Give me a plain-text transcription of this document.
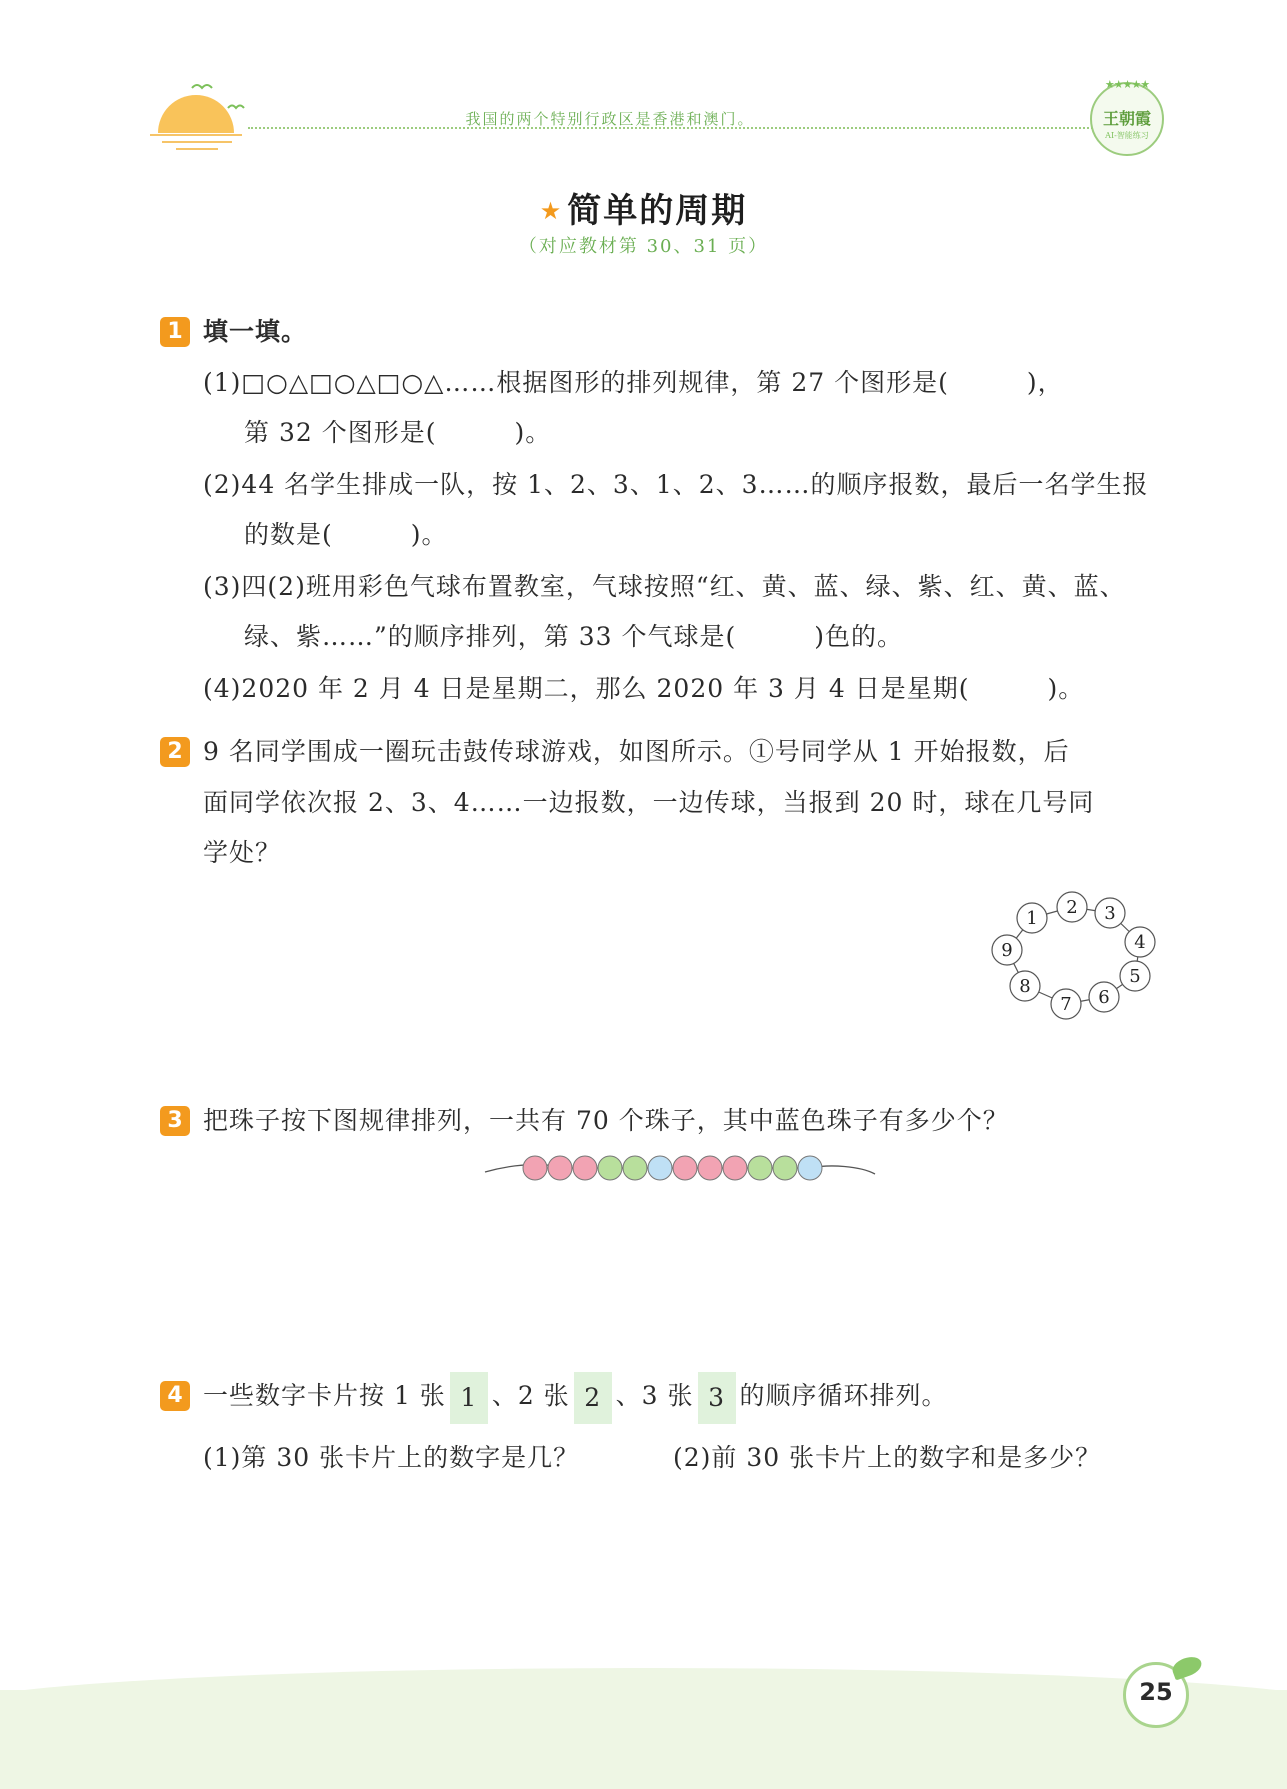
我国的两个特别行政区是香港和澳门。
★★★★★
王朝霞
AI-智能练习
★ 简单的周期
（对应教材第 30、31 页）
1 填一填。
(1)□○△□○△□○△……根据图形的排列规律，第 27 个图形是(　　　)，
第 32 个图形是(　　　)。
(2)44 名学生排成一队，按 1、2、3、1、2、3……的顺序报数，最后一名学生报
的数是(　　　)。
(3)四(2)班用彩色气球布置教室，气球按照“红、黄、蓝、绿、紫、红、黄、蓝、
绿、紫……”的顺序排列，第 33 个气球是(　　　)色的。
(4)2020 年 2 月 4 日是星期二，那么 2020 年 3 月 4 日是星期(　　　)。
2 9 名同学围成一圈玩击鼓传球游戏，如图所示。①号同学从 1 开始报数，后
面同学依次报 2、3、4……一边报数，一边传球，当报到 20 时，球在几号同
学处？
1
2 3
4
5
6
7
8
9
3 把珠子按下图规律排列，一共有 70 个珠子，其中蓝色珠子有多少个？
4 一些数字卡片按 1 张 1 、2 张 2 、3 张 3 的顺序循环排列。
(1)第 30 张卡片上的数字是几？	(2)前 30 张卡片上的数字和是多少？
25
